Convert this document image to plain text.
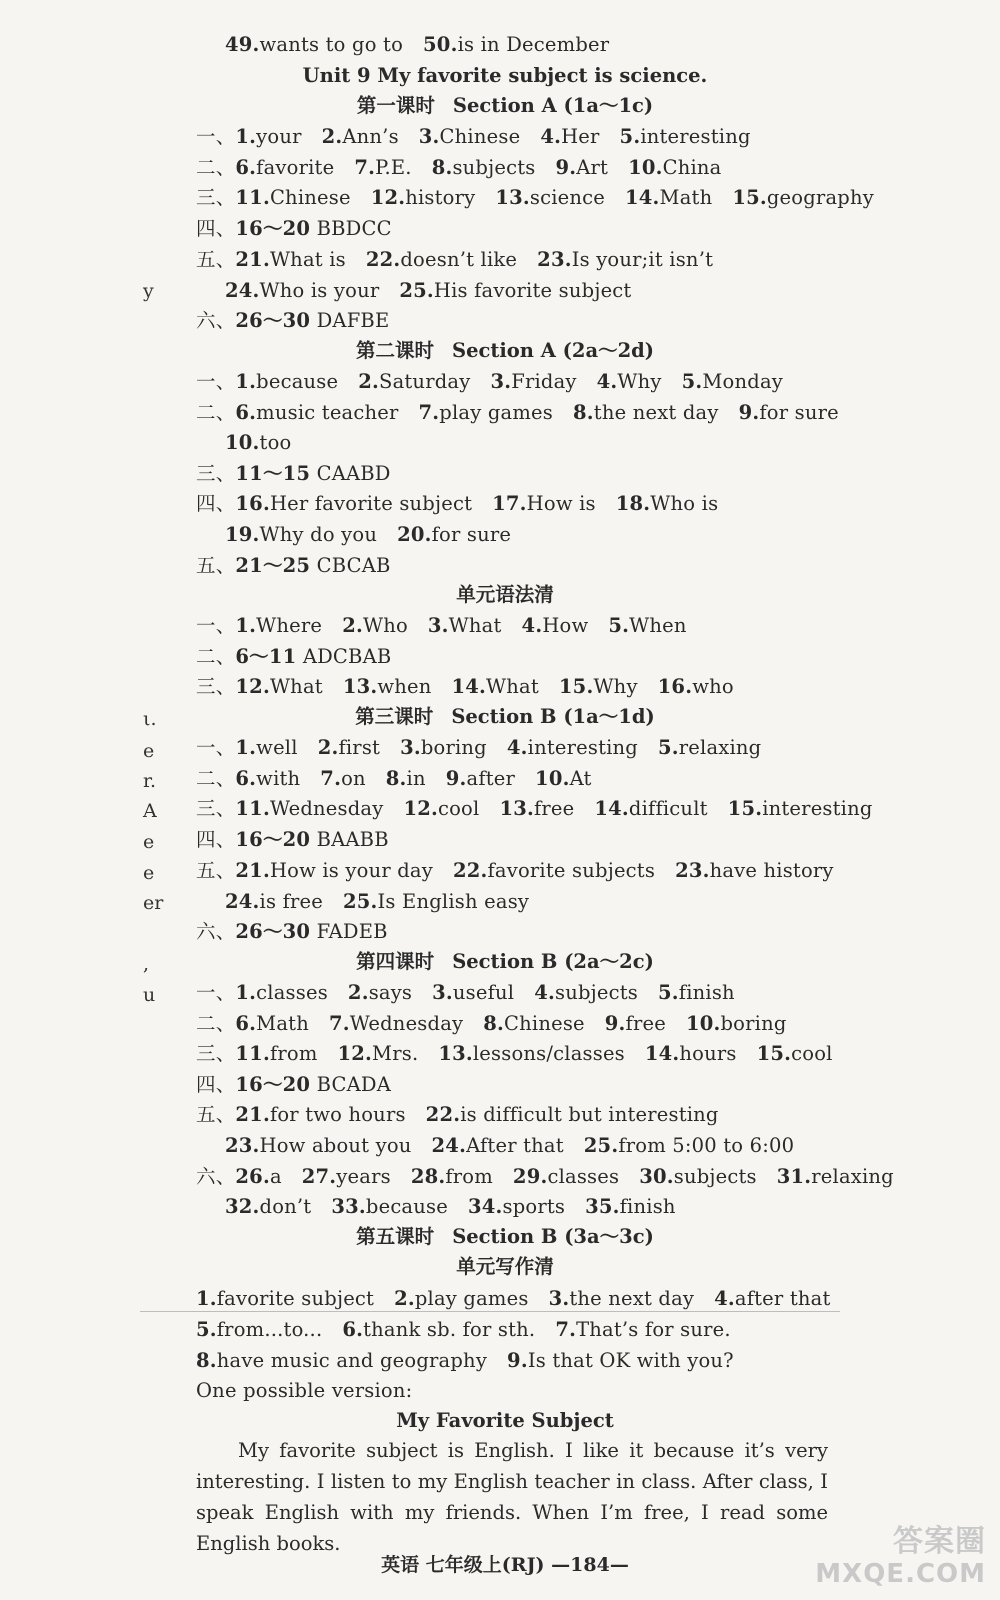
49.wants to go to 50.is in December
Unit 9 My favorite subject is science.
第一课时 Section A (1a～1c)
一、1.your 2.Ann’s 3.Chinese 4.Her 5.interesting
二、6.favorite 7.P.E. 8.subjects 9.Art 10.China
三、11.Chinese 12.history 13.science 14.Math 15.geography
四、16～20 BBDCC
五、21.What is 22.doesn’t like 23.Is your;it isn’t
24.Who is your 25.His favorite subject
六、26～30 DAFBE
第二课时 Section A (2a～2d)
一、1.because 2.Saturday 3.Friday 4.Why 5.Monday
二、6.music teacher 7.play games 8.the next day 9.for sure
10.too
三、11～15 CAABD
四、16.Her favorite subject 17.How is 18.Who is
19.Why do you 20.for sure
五、21～25 CBCAB
单元语法清
一、1.Where 2.Who 3.What 4.How 5.When
二、6～11 ADCBAB
三、12.What 13.when 14.What 15.Why 16.who
第三课时 Section B (1a～1d)
一、1.well 2.first 3.boring 4.interesting 5.relaxing
二、6.with 7.on 8.in 9.after 10.At
三、11.Wednesday 12.cool 13.free 14.difficult 15.interesting
四、16～20 BAABB
五、21.How is your day 22.favorite subjects 23.have history
24.is free 25.Is English easy
六、26～30 FADEB
第四课时 Section B (2a～2c)
一、1.classes 2.says 3.useful 4.subjects 5.finish
二、6.Math 7.Wednesday 8.Chinese 9.free 10.boring
三、11.from 12.Mrs. 13.lessons/classes 14.hours 15.cool
四、16～20 BCADA
五、21.for two hours 22.is difficult but interesting
23.How about you 24.After that 25.from 5:00 to 6:00
六、26.a 27.years 28.from 29.classes 30.subjects 31.relaxing
32.don’t 33.because 34.sports 35.finish
第五课时 Section B (3a～3c)
单元写作清
1.favorite subject 2.play games 3.the next day 4.after that
5.from...to... 6.thank sb. for sth. 7.That’s for sure.
8.have music and geography 9.Is that OK with you?
One possible version:
My Favorite Subject
My favorite subject is English. I like it because it’s very interesting. I listen to my English teacher in class. After class, I speak English with my friends. When I’m free, I read some English books.
y
ι.
e
r.
A
e
e
er
,
u
英语 七年级上(RJ) —184—
答案圈
MXQE.COM
